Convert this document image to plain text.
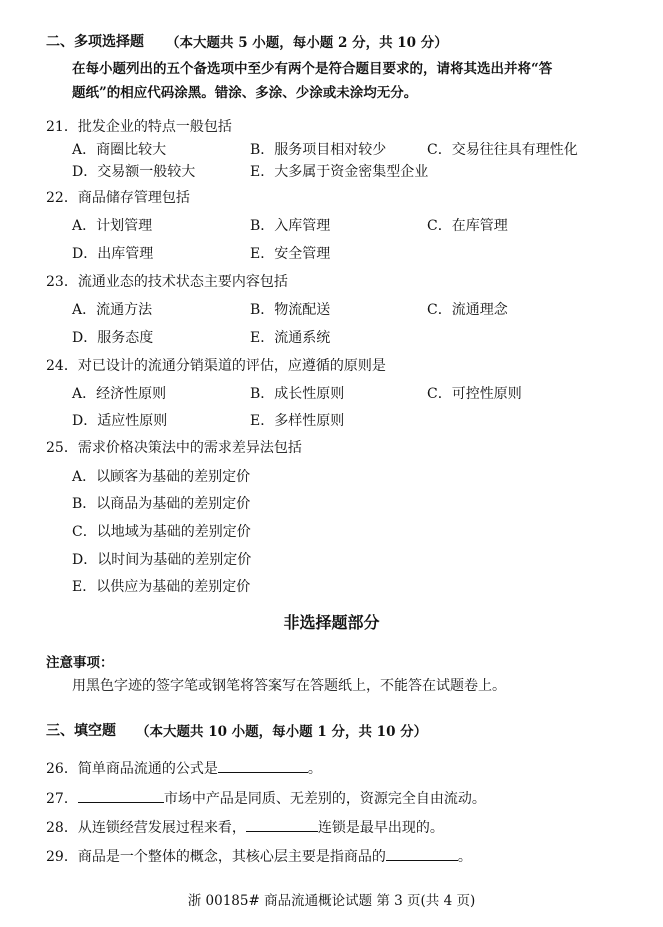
二、多项选择题 （本大题共 5 小题，每小题 2 分，共 10 分）
在每小题列出的五个备选项中至少有两个是符合题目要求的，请将其选出并将“答
题纸”的相应代码涂黑。错涂、多涂、少涂或未涂均无分。
21．批发企业的特点一般包括
A．商圈比较大	B．服务项目相对较少	C．交易往往具有理性化
D．交易额一般较大	E．大多属于资金密集型企业
22．商品储存管理包括
A．计划管理	B．入库管理	C．在库管理
D．出库管理	E．安全管理
23．流通业态的技术状态主要内容包括
A．流通方法	B．物流配送	C．流通理念
D．服务态度	E．流通系统
24．对已设计的流通分销渠道的评估，应遵循的原则是
A．经济性原则	B．成长性原则	C．可控性原则
D．适应性原则	E．多样性原则
25．需求价格决策法中的需求差异法包括
A．以顾客为基础的差别定价
B．以商品为基础的差别定价
C．以地域为基础的差别定价
D．以时间为基础的差别定价
E．以供应为基础的差别定价
非选择题部分
注意事项：
用黑色字迹的签字笔或钢笔将答案写在答题纸上，不能答在试题卷上。
三、填空题 （本大题共 10 小题，每小题 1 分，共 10 分）
26．简单商品流通的公式是	。
27．	市场中产品是同质、无差别的，资源完全自由流动。
28．从连锁经营发展过程来看，	连锁是最早出现的。
29．商品是一个整体的概念，其核心层主要是指商品的	。
浙 00185# 商品流通概论试题 第 3 页(共 4 页)
